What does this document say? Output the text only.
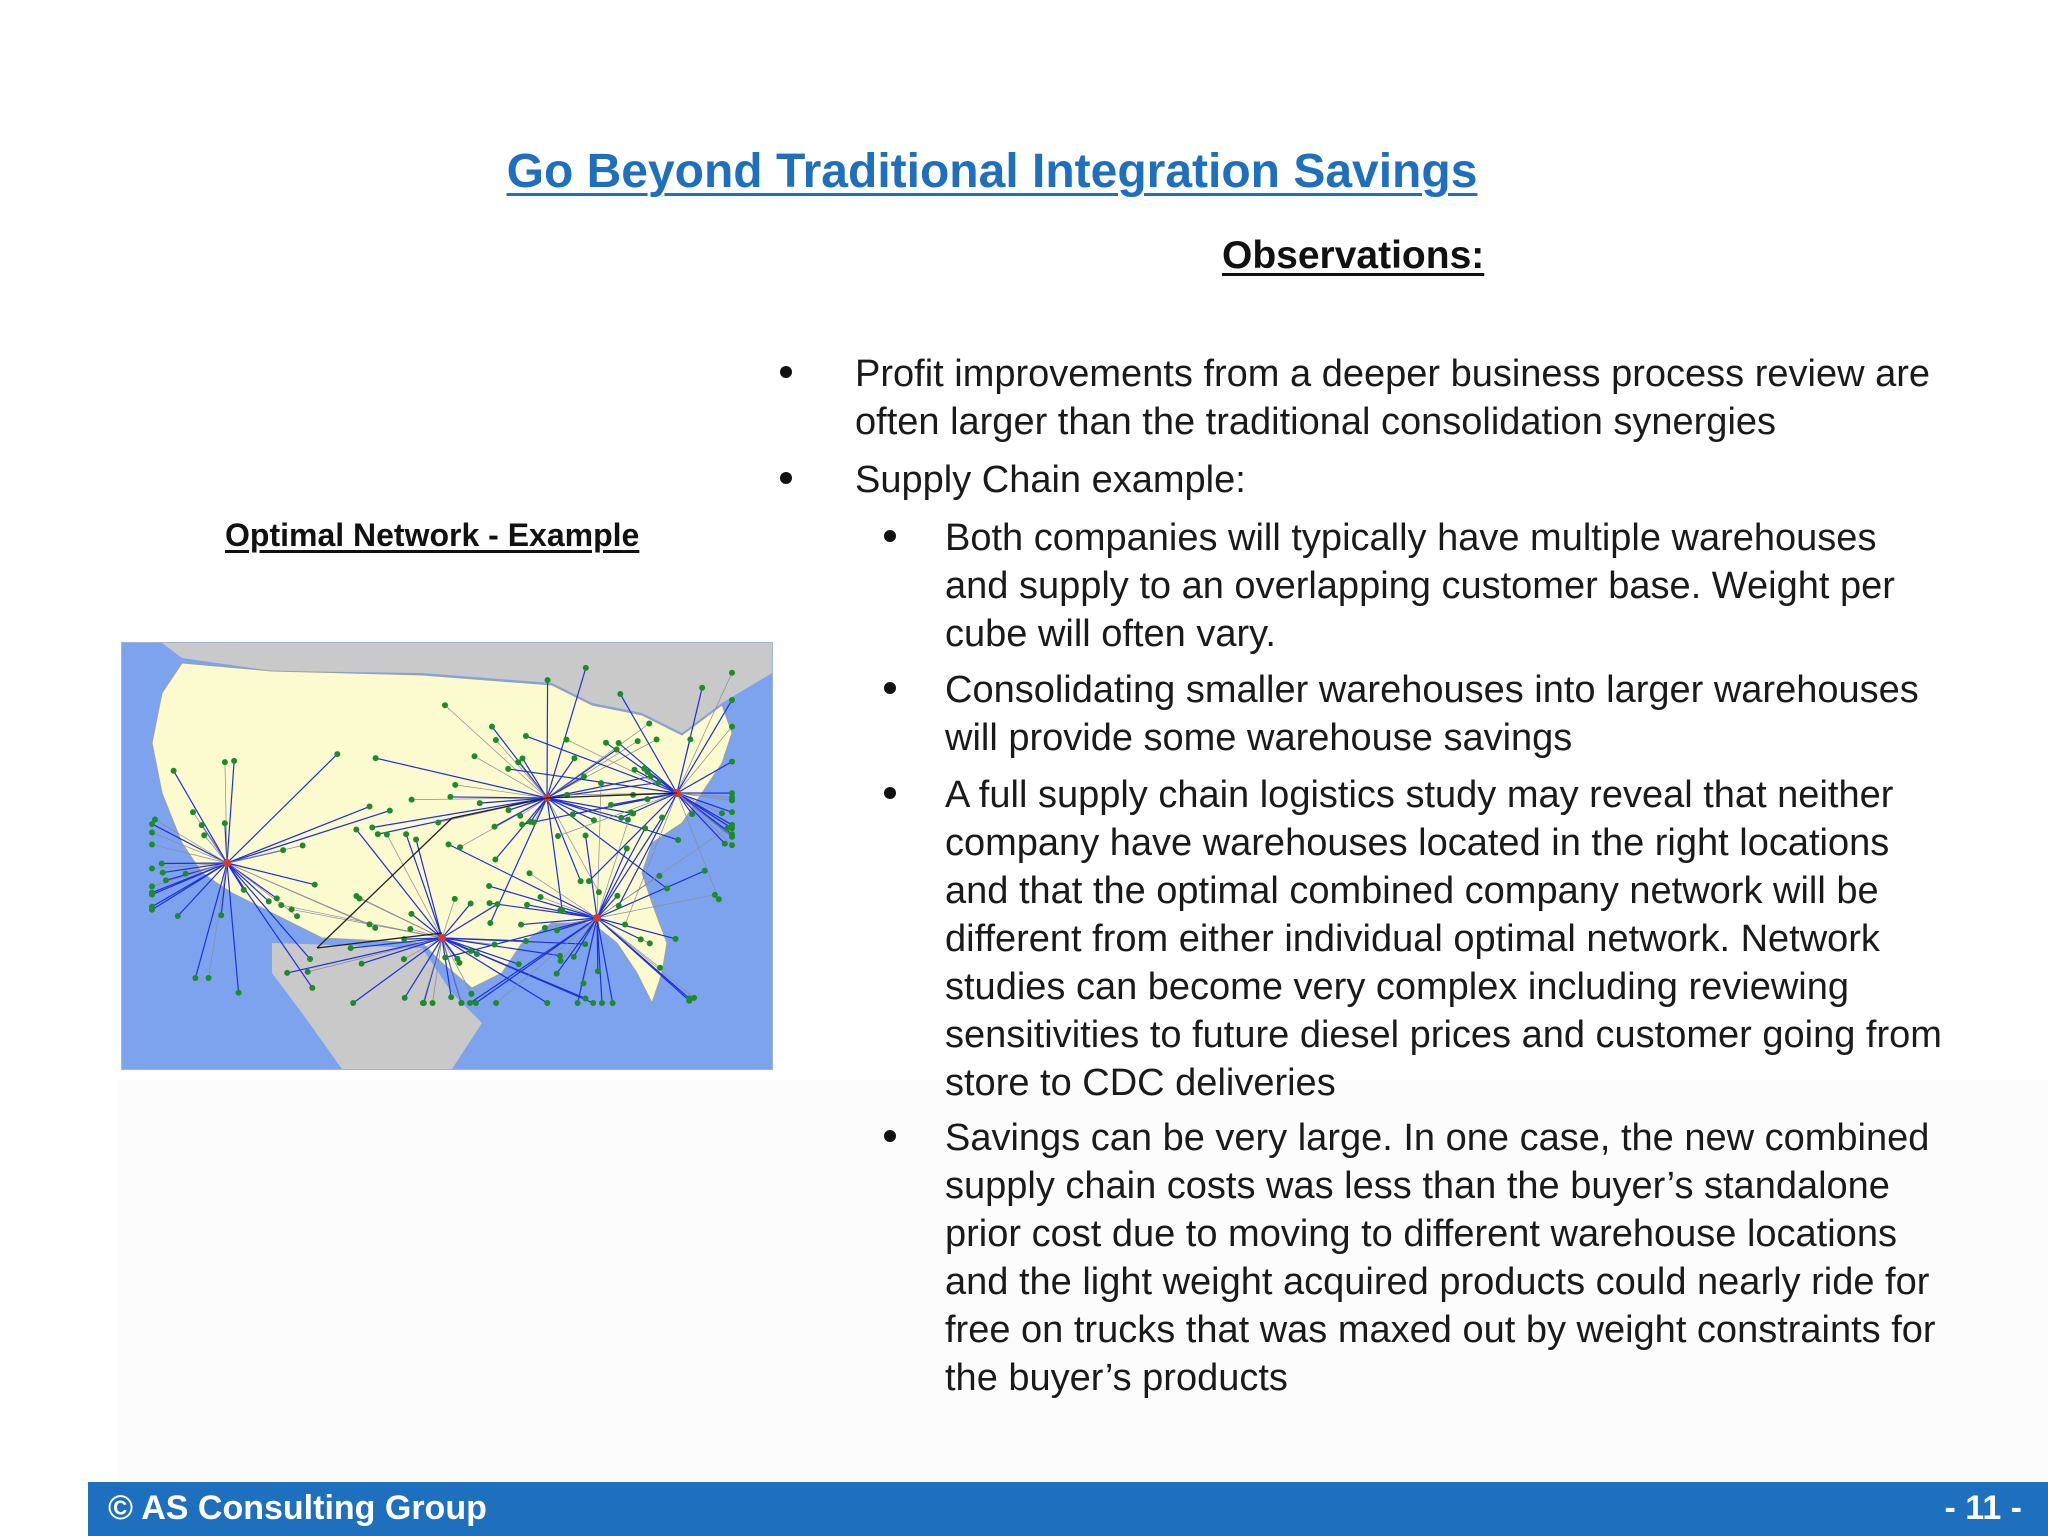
Go Beyond Traditional Integration Savings
Observations:
Optimal Network - Example
Profit improvements from a deeper business process review are often larger than the traditional consolidation synergies
Supply Chain example:
Both companies will typically have multiple warehouses and supply to an overlapping customer base. Weight per cube will often vary.
Consolidating smaller warehouses into larger warehouses will provide some warehouse savings
A full supply chain logistics study may reveal that neither company have warehouses located in the right locations and that the optimal combined company network will be different from either individual optimal network. Network studies can become very complex including reviewing sensitivities to future diesel prices and customer going from store to CDC deliveries
Savings can be very large. In one case, the new combined supply chain costs was less than the buyer’s standalone prior cost due to moving to different warehouse locations and the light weight acquired products could nearly ride for free on trucks that was maxed out by weight constraints for the buyer’s products
© AS Consulting Group	- 11 -
